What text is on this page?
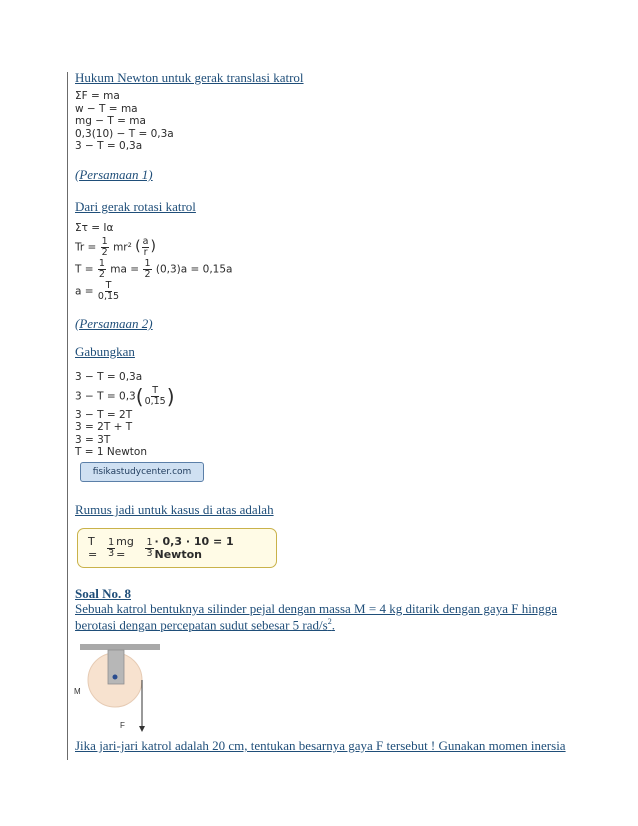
Hukum Newton untuk gerak translasi katrol
ΣF = ma
w − T = ma
mg − T = ma
0,3(10) − T = 0,3a
3 − T = 0,3a
(Persamaan 1)
Dari gerak rotasi katrol
Στ = Iα
$Tr = \frac{1}{2} mr^2$ ( $\frac{a}{r}$ )
$T = \frac{1}{2}$ ma = $\frac{1}{2} (0,3)a = 0,15a$
$a = \frac{T}{0,15}$
(Persamaan 2)
Gabungkan
3 − T = 0,3a
$3 - T = 0,3( \frac{T}{0,15}$ )
3 − T = 2T
3 = 2T + T
3 = 3T
T = 1 Newton
fisikastudycenter.com
Rumus jadi untuk kasus di atas adalah
T =	$\frac{1}{3}$ mg =	$\frac{1}{3} \cdot 0,3 \cdot 10 = 1$ Newton
Soal No. 8
Sebuah katrol bentuknya silinder pejal dengan massa M = 4 kg ditarik dengan gaya F hingga
berotasi dengan percepatan sudut sebesar 5 rad/$s^2$.
M
F
Jika jari-jari katrol adalah 20 cm, tentukan besarnya gaya F tersebut ! Gunakan momen inersia
